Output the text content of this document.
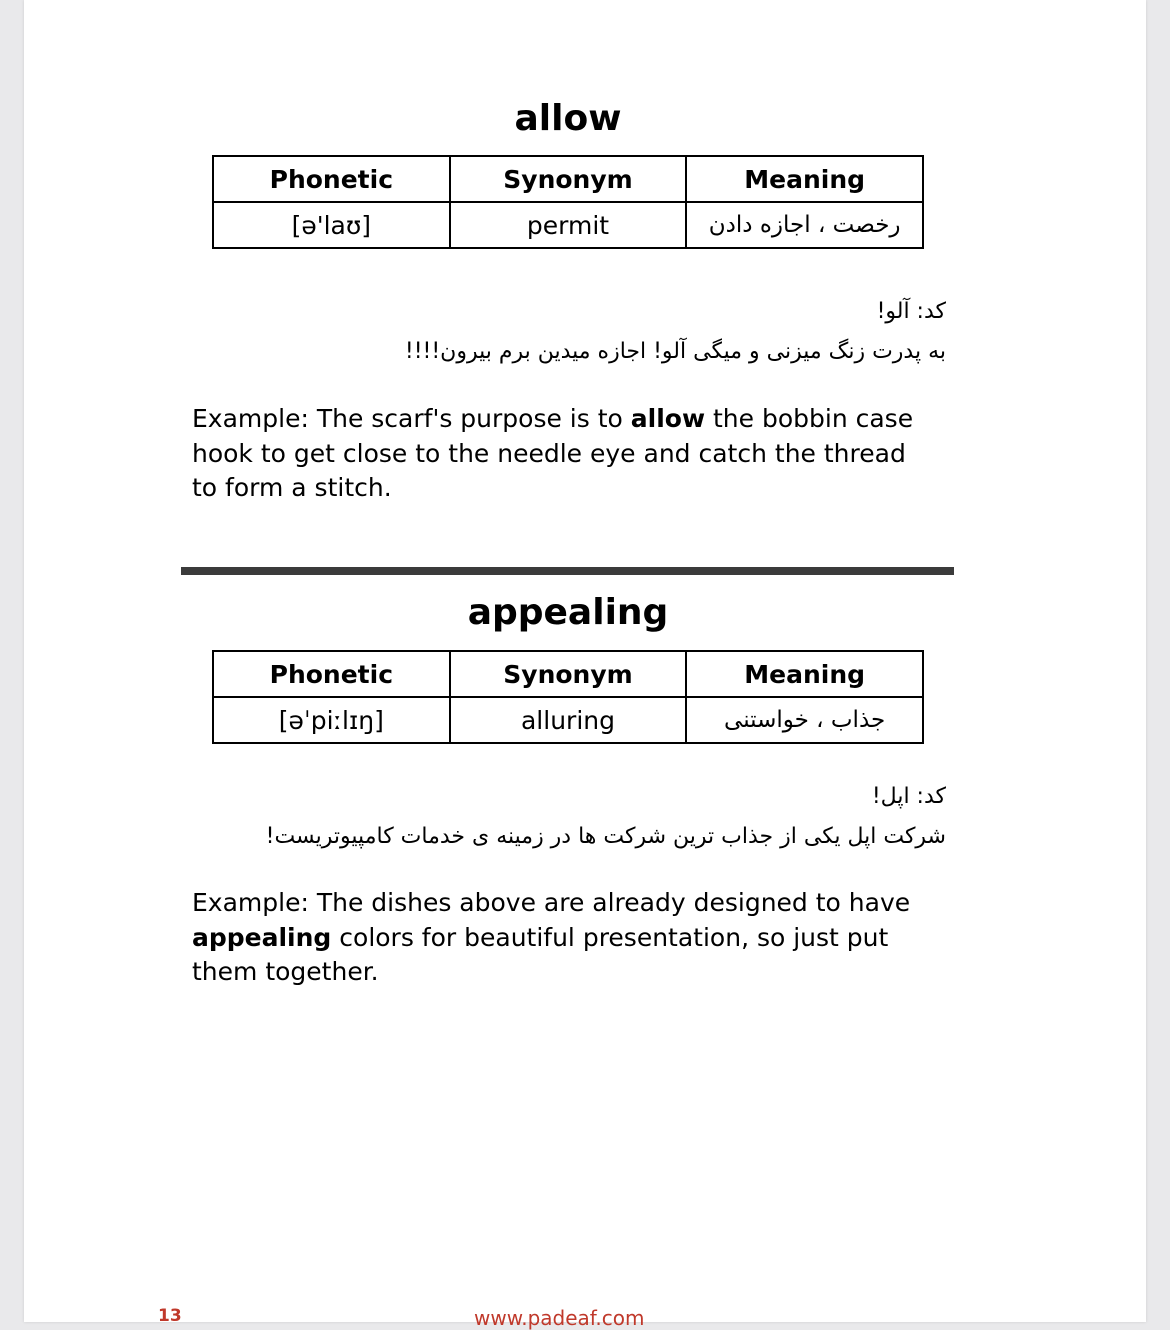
allow
Phonetic	Synonym	Meaning
[ə'laʊ]	permit	رخصت ، اجازه دادن
کد: آلو!
به پدرت زنگ میزنی و میگی آلو! اجازه میدین برم بیرون!!!!

Example: The scarf's purpose is to allow the bobbin case hook to get close to the needle eye and catch the thread to form a stitch.

appealing
Phonetic	Synonym	Meaning
[əˈpiːlɪŋ]	alluring	جذاب ، خواستنی
کد: اپل!
شرکت اپل یکی از جذاب ترین شرکت ها در زمینه ی خدمات کامپیوتریست!

Example: The dishes above are already designed to have appealing colors for beautiful presentation, so just put them together.

13	www.padeaf.com
